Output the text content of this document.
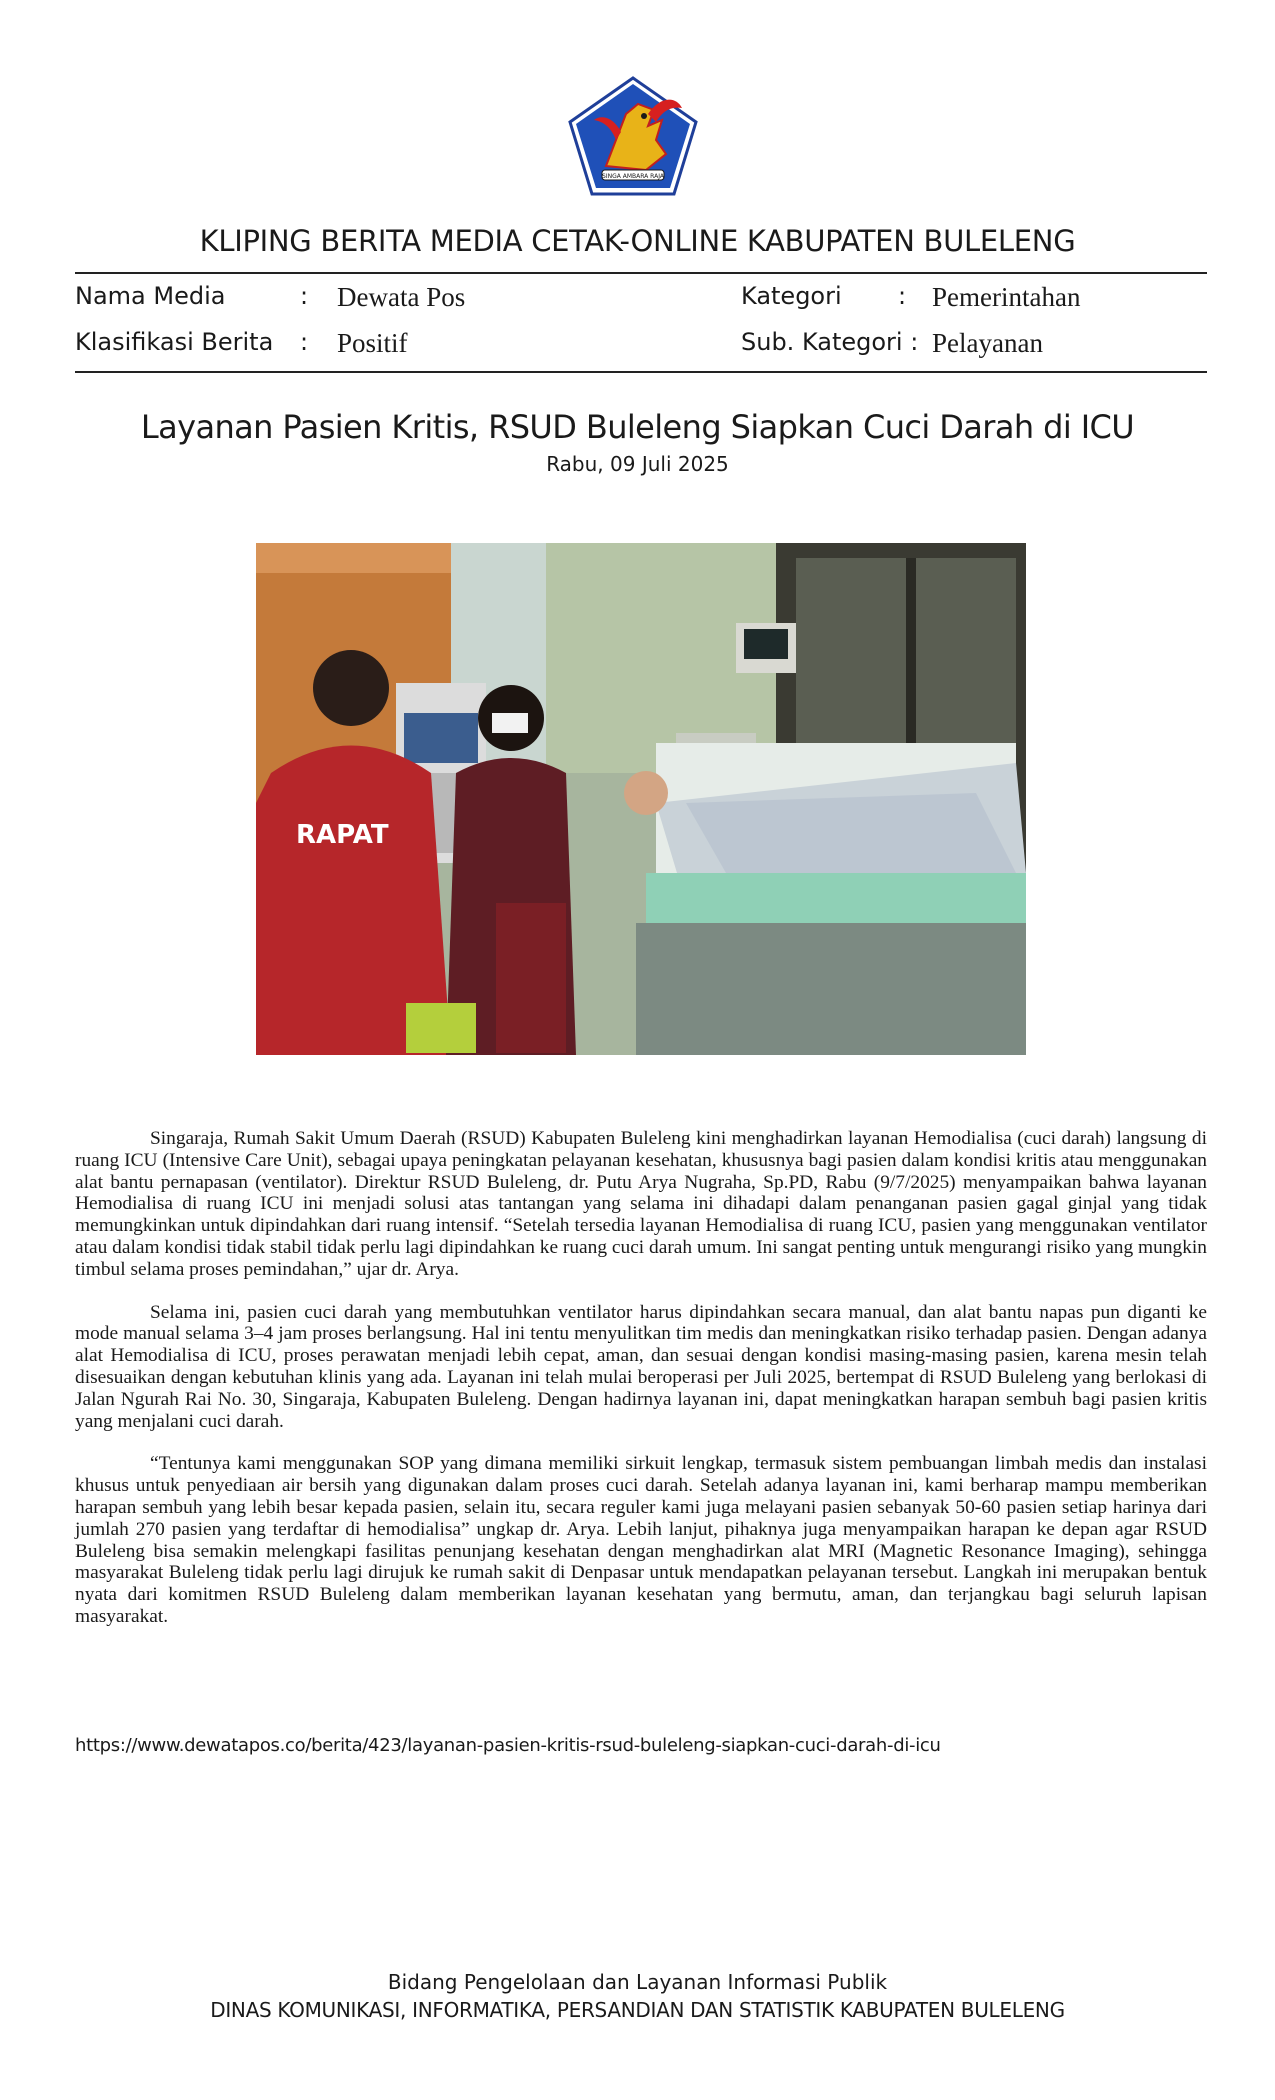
SINGA AMBARA RAJA
KLIPING BERITA MEDIA CETAK-ONLINE KABUPATEN BULELENG
Nama Media	: Dewata Pos	Kategori : Pemerintahan
Klasifikasi Berita : Positif	Sub. Kategori : Pelayanan
Layanan Pasien Kritis, RSUD Buleleng Siapkan Cuci Darah di ICU
Rabu, 09 Juli 2025
RAPAT

Singaraja, Rumah Sakit Umum Daerah (RSUD) Kabupaten Buleleng kini menghadirkan layanan Hemodialisa (cuci darah) langsung di ruang ICU (Intensive Care Unit), sebagai upaya peningkatan pelayanan kesehatan, khususnya bagi pasien dalam kondisi kritis atau menggunakan alat bantu pernapasan (ventilator). Direktur RSUD Buleleng, dr. Putu Arya Nugraha, Sp.PD, Rabu (9/7/2025) menyampaikan bahwa layanan Hemodialisa di ruang ICU ini menjadi solusi atas tantangan yang selama ini dihadapi dalam penanganan pasien gagal ginjal yang tidak memungkinkan untuk dipindahkan dari ruang intensif. “Setelah tersedia layanan Hemodialisa di ruang ICU, pasien yang menggunakan ventilator atau dalam kondisi tidak stabil tidak perlu lagi dipindahkan ke ruang cuci darah umum. Ini sangat penting untuk mengurangi risiko yang mungkin timbul selama proses pemindahan,” ujar dr. Arya.

Selama ini, pasien cuci darah yang membutuhkan ventilator harus dipindahkan secara manual, dan alat bantu napas pun diganti ke mode manual selama 3–4 jam proses berlangsung. Hal ini tentu menyulitkan tim medis dan meningkatkan risiko terhadap pasien. Dengan adanya alat Hemodialisa di ICU, proses perawatan menjadi lebih cepat, aman, dan sesuai dengan kondisi masing-masing pasien, karena mesin telah disesuaikan dengan kebutuhan klinis yang ada. Layanan ini telah mulai beroperasi per Juli 2025, bertempat di RSUD Buleleng yang berlokasi di Jalan Ngurah Rai No. 30, Singaraja, Kabupaten Buleleng. Dengan hadirnya layanan ini, dapat meningkatkan harapan sembuh bagi pasien kritis yang menjalani cuci darah.

“Tentunya kami menggunakan SOP yang dimana memiliki sirkuit lengkap, termasuk sistem pembuangan limbah medis dan instalasi khusus untuk penyediaan air bersih yang digunakan dalam proses cuci darah. Setelah adanya layanan ini, kami berharap mampu memberikan harapan sembuh yang lebih besar kepada pasien, selain itu, secara reguler kami juga melayani pasien sebanyak 50-60 pasien setiap harinya dari jumlah 270 pasien yang terdaftar di hemodialisa” ungkap dr. Arya. Lebih lanjut, pihaknya juga menyampaikan harapan ke depan agar RSUD Buleleng bisa semakin melengkapi fasilitas penunjang kesehatan dengan menghadirkan alat MRI (Magnetic Resonance Imaging), sehingga masyarakat Buleleng tidak perlu lagi dirujuk ke rumah sakit di Denpasar untuk mendapatkan pelayanan tersebut. Langkah ini merupakan bentuk nyata dari komitmen RSUD Buleleng dalam memberikan layanan kesehatan yang bermutu, aman, dan terjangkau bagi seluruh lapisan masyarakat.

https://www.dewatapos.co/berita/423/layanan-pasien-kritis-rsud-buleleng-siapkan-cuci-darah-di-icu
Bidang Pengelolaan dan Layanan Informasi Publik
DINAS KOMUNIKASI, INFORMATIKA, PERSANDIAN DAN STATISTIK KABUPATEN BULELENG
